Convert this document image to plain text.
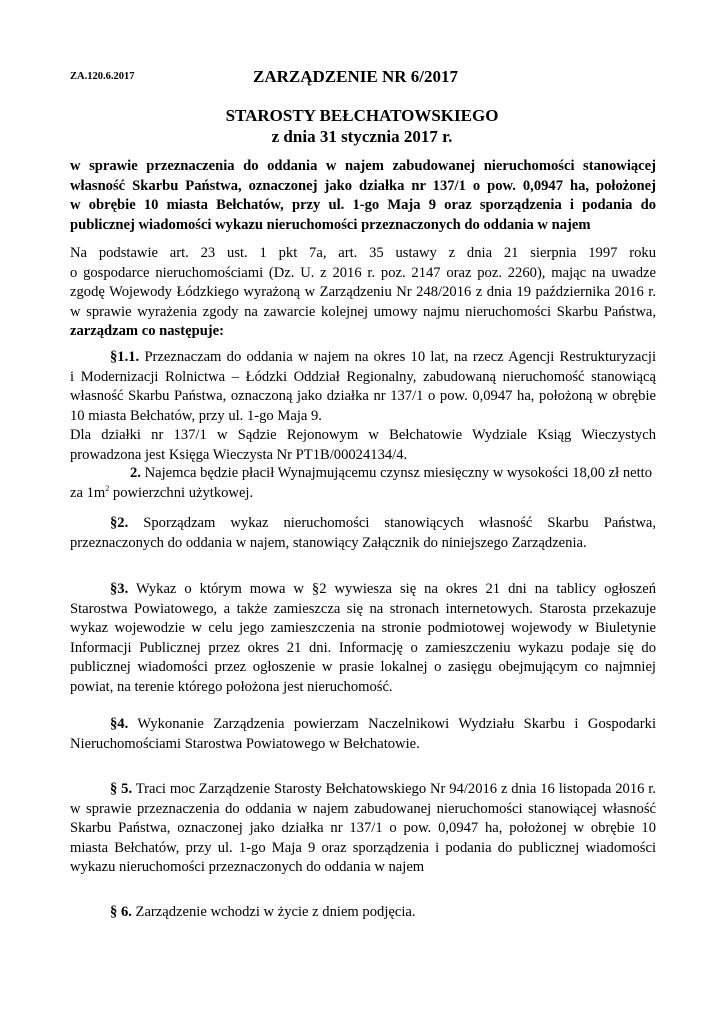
ZA.120.6.2017	ZARZĄDZENIE NR 6/2017
STAROSTY BEŁCHATOWSKIEGO
z dnia 31 stycznia 2017 r.
w sprawie przeznaczenia do oddania w najem zabudowanej nieruchomości stanowiącej
własność Skarbu Państwa, oznaczonej jako działka nr 137/1 o pow. 0,0947 ha, położonej
w obrębie 10 miasta Bełchatów, przy ul. 1-go Maja 9 oraz sporządzenia i podania do
publicznej wiadomości wykazu nieruchomości przeznaczonych do oddania w najem
Na podstawie art. 23 ust. 1 pkt 7a, art. 35 ustawy z dnia 21 sierpnia 1997 roku
o gospodarce nieruchomościami (Dz. U. z 2016 r. poz. 2147 oraz poz. 2260), mając na uwadze
zgodę Wojewody Łódzkiego wyrażoną w Zarządzeniu Nr 248/2016 z dnia 19 października 2016 r.
w sprawie wyrażenia zgody na zawarcie kolejnej umowy najmu nieruchomości Skarbu Państwa,
zarządzam co następuje:
§1.1. Przeznaczam do oddania w najem na okres 10 lat, na rzecz Agencji Restrukturyzacji
i Modernizacji Rolnictwa – Łódzki Oddział Regionalny, zabudowaną nieruchomość stanowiącą
własność Skarbu Państwa, oznaczoną jako działka nr 137/1 o pow. 0,0947 ha, położoną w obrębie
10 miasta Bełchatów, przy ul. 1-go Maja 9.
Dla działki nr 137/1 w Sądzie Rejonowym w Bełchatowie Wydziale Ksiąg Wieczystych
prowadzona jest Księga Wieczysta Nr PT1B/00024134/4.
2. Najemca będzie płacił Wynajmującemu czynsz miesięczny w wysokości 18,00 zł netto
za $1m^2$ powierzchni użytkowej.
§2. Sporządzam wykaz nieruchomości stanowiących własność Skarbu Państwa,
przeznaczonych do oddania w najem, stanowiący Załącznik do niniejszego Zarządzenia.
§3. Wykaz o którym mowa w §2 wywiesza się na okres 21 dni na tablicy ogłoszeń
Starostwa Powiatowego, a także zamieszcza się na stronach internetowych. Starosta przekazuje
wykaz wojewodzie w celu jego zamieszczenia na stronie podmiotowej wojewody w Biuletynie
Informacji Publicznej przez okres 21 dni. Informację o zamieszczeniu wykazu podaje się do
publicznej wiadomości przez ogłoszenie w prasie lokalnej o zasięgu obejmującym co najmniej
powiat, na terenie którego położona jest nieruchomość.
§4. Wykonanie Zarządzenia powierzam Naczelnikowi Wydziału Skarbu i Gospodarki
Nieruchomościami Starostwa Powiatowego w Bełchatowie.
§ 5. Traci moc Zarządzenie Starosty Bełchatowskiego Nr 94/2016 z dnia 16 listopada 2016 r.
w sprawie przeznaczenia do oddania w najem zabudowanej nieruchomości stanowiącej własność
Skarbu Państwa, oznaczonej jako działka nr 137/1 o pow. 0,0947 ha, położonej w obrębie 10
miasta Bełchatów, przy ul. 1-go Maja 9 oraz sporządzenia i podania do publicznej wiadomości
wykazu nieruchomości przeznaczonych do oddania w najem
§ 6. Zarządzenie wchodzi w życie z dniem podjęcia.
